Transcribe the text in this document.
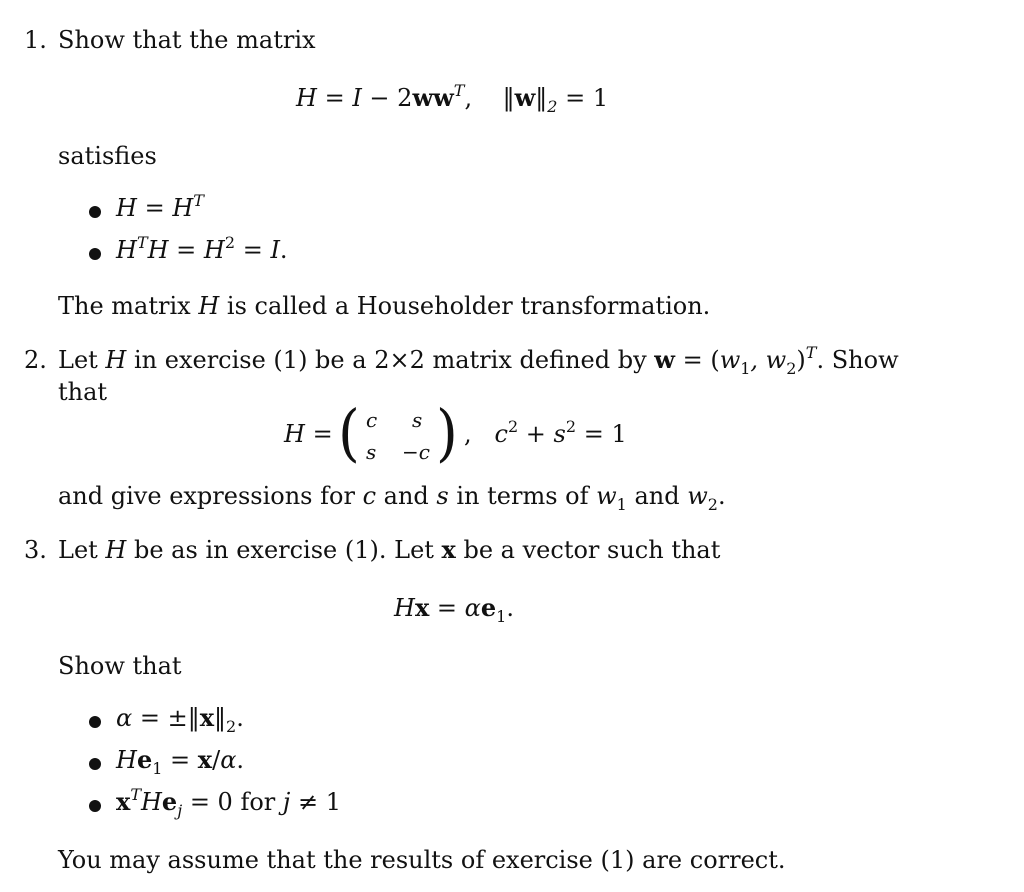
1. Show that the matrix
$H = I - 2ww^T$,    $‖w‖_2 = 1$
satisfies
$H = H^T$
$H^TH = H^2 = I$.
The matrix H is called a Householder transformation.
2. Let H in exercise (1) be a 2×2 matrix defined by $w = (w_1$, $w_2)^T$. Show
that
H = ( c s
s −c ) ,   $c^2 + s^2 = 1$
and give expressions for c and s in terms of $w_1$ and $w_2$.
3. Let H be as in exercise (1). Let x be a vector such that
$Hx = \alpha e_1$.
Show that
$\alpha = \pm‖x‖_2$.
$He_1 = x/\alpha$.
$x^THe_j = 0$ for j ≠ 1
You may assume that the results of exercise (1) are correct.
